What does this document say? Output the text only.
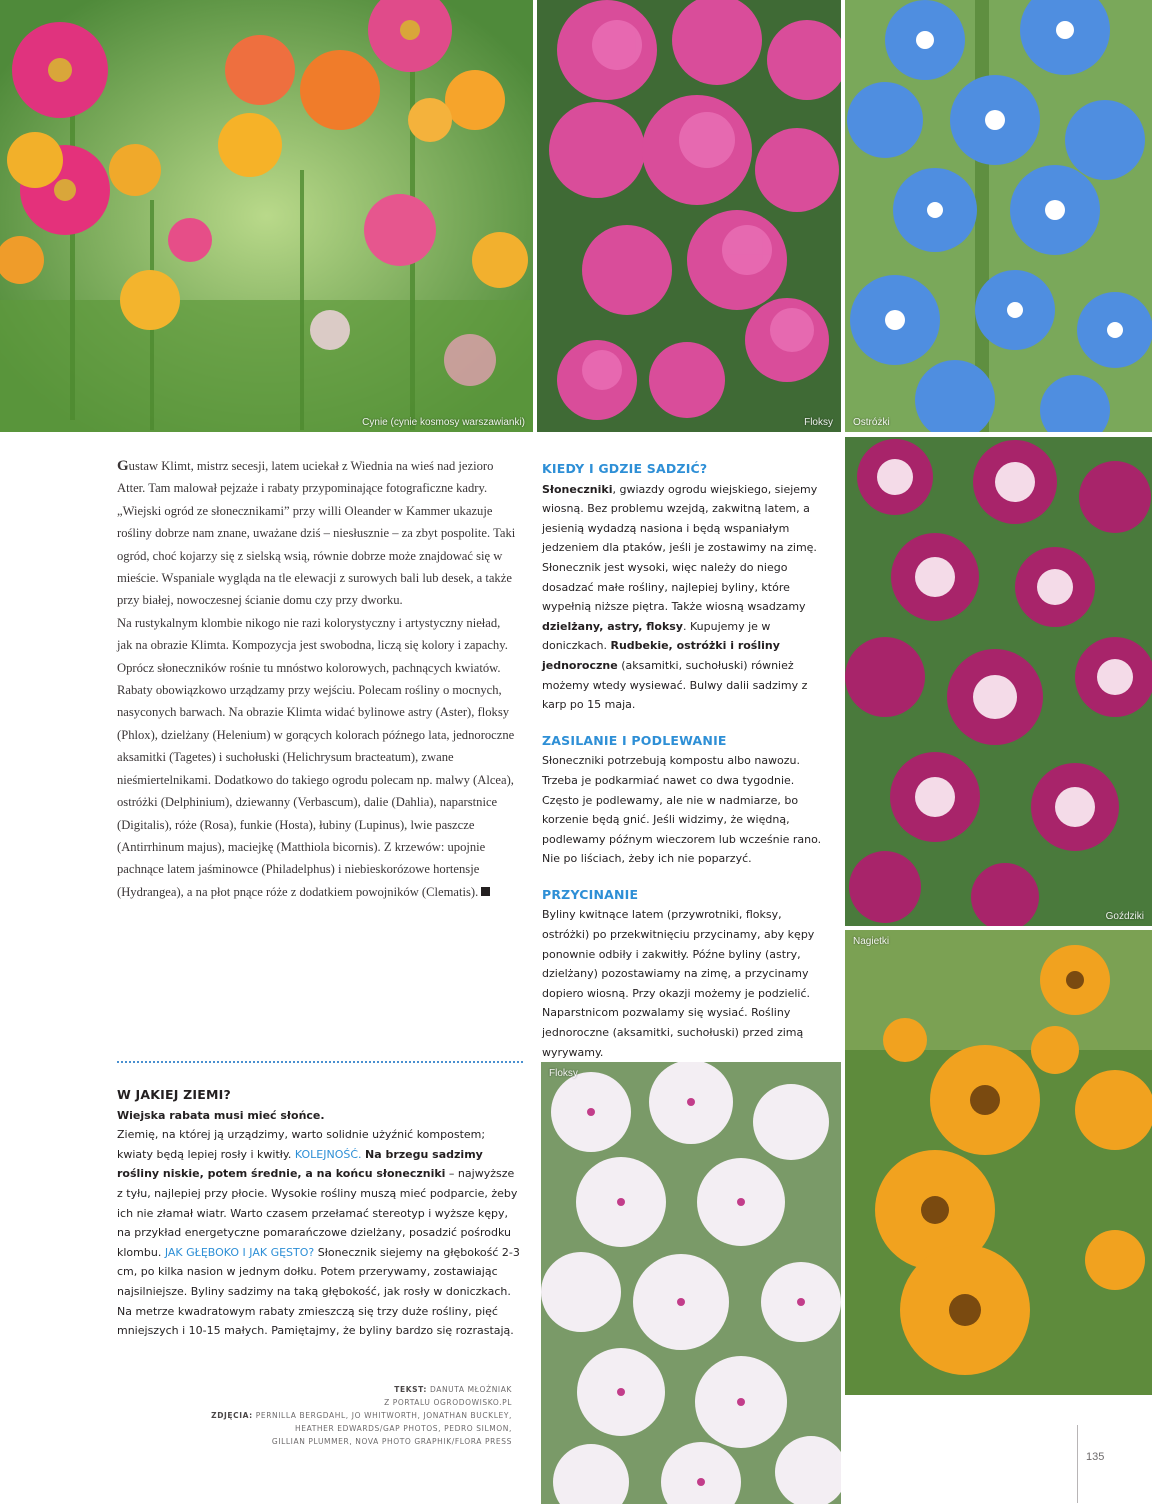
Cynie (cynie kosmosy warszawianki)	Floksy Ostróżki
Goździki
Nagietki
Floksy

Gustaw Klimt, mistrz secesji, latem uciekał z Wiednia na wieś nad jezioro Atter. Tam malował pejzaże i rabaty przypominające fotograficzne kadry. „Wiejski ogród ze słonecznikami” przy willi Oleander w Kammer ukazuje rośliny dobrze nam znane, uważane dziś – niesłusznie – za zbyt pospolite. Taki ogród, choć kojarzy się z sielską wsią, równie dobrze może znajdować się w mieście. Wspaniale wygląda na tle elewacji z surowych bali lub desek, a także przy białej, nowoczesnej ścianie domu czy przy dworku.

Na rustykalnym klombie nikogo nie razi kolorystyczny i artystyczny nieład, jak na obrazie Klimta. Kompozycja jest swobodna, liczą się kolory i zapachy. Oprócz słoneczników rośnie tu mnóstwo kolorowych, pachnących kwiatów.

Rabaty obowiązkowo urządzamy przy wejściu. Polecam rośliny o mocnych, nasyconych barwach. Na obrazie Klimta widać bylinowe astry (Aster), floksy (Phlox), dzielżany (Helenium) w gorących kolorach późnego lata, jednoroczne aksamitki (Tagetes) i suchołuski (Helichrysum bracteatum), zwane nieśmiertelnikami. Dodatkowo do takiego ogrodu polecam np. malwy (Alcea), ostróżki (Delphinium), dziewanny (Verbascum), dalie (Dahlia), naparstnice (Digitalis), róże (Rosa), funkie (Hosta), łubiny (Lupinus), lwie paszcze (Antirrhinum majus), maciejkę (Matthiola bicornis). Z krzewów: upojnie pachnące latem jaśminowce (Philadelphus) i niebieskorózowe hortensje (Hydrangea), a na płot pnące róże z dodatkiem powojników (Clematis).

KIEDY I GDZIE SADZIĆ?

Słoneczniki, gwiazdy ogrodu wiejskiego, siejemy wiosną. Bez problemu wzejdą, zakwitną latem, a jesienią wydadzą nasiona i będą wspaniałym jedzeniem dla ptaków, jeśli je zostawimy na zimę. Słonecznik jest wysoki, więc należy do niego dosadzać małe rośliny, najlepiej byliny, które wypełnią niższe piętra. Także wiosną wsadzamy dzielżany, astry, floksy. Kupujemy je w doniczkach. Rudbekie, ostróżki i rośliny jednoroczne (aksamitki, suchołuski) również możemy wtedy wysiewać. Bulwy dalii sadzimy z karp po 15 maja.

ZASILANIE I PODLEWANIE

Słoneczniki potrzebują kompostu albo nawozu. Trzeba je podkarmiać nawet co dwa tygodnie. Często je podlewamy, ale nie w nadmiarze, bo korzenie będą gnić. Jeśli widzimy, że więdną, podlewamy późnym wieczorem lub wcześnie rano. Nie po liściach, żeby ich nie poparzyć.

PRZYCINANIE

Byliny kwitnące latem (przywrotniki, floksy, ostróżki) po przekwitnięciu przycinamy, aby kępy ponownie odbiły i zakwitły. Późne byliny (astry, dzielżany) pozostawiamy na zimę, a przycinamy dopiero wiosną. Przy okazji możemy je podzielić. Naparstnicom pozwalamy się wysiać. Rośliny jednoroczne (aksamitki, suchołuski) przed zimą wyrywamy.

W JAKIEJ ZIEMI?

Wiejska rabata musi mieć słońce.

Ziemię, na której ją urządzimy, warto solidnie użyźnić kompostem; kwiaty będą lepiej rosły i kwitły. KOLEJNOŚĆ. Na brzegu sadzimy rośliny niskie, potem średnie, a na końcu słoneczniki – najwyższe z tyłu, najlepiej przy płocie. Wysokie rośliny muszą mieć podparcie, żeby ich nie złamał wiatr. Warto czasem przełamać stereotyp i wyższe kępy, na przykład energetyczne pomarańczowe dzielżany, posadzić pośrodku klombu. JAK GŁĘBOKO I JAK GĘSTO? Słonecznik siejemy na głębokość 2-3 cm, po kilka nasion w jednym dołku. Potem przerywamy, zostawiając najsilniejsze. Byliny sadzimy na taką głębokość, jak rosły w doniczkach. Na metrze kwadratowym rabaty zmieszczą się trzy duże rośliny, pięć mniejszych i 10-15 małych. Pamiętajmy, że byliny bardzo się rozrastają.

TEKST: DANUTA MŁOŹNIAK
Z PORTALU OGRODOWISKO.PL
ZDJĘCIA: PERNILLA BERGDAHL, JO WHITWORTH, JONATHAN BUCKLEY,
HEATHER EDWARDS/GAP PHOTOS, PEDRO SILMON,
GILLIAN PLUMMER, NOVA PHOTO GRAPHIK/FLORA PRESS
135
